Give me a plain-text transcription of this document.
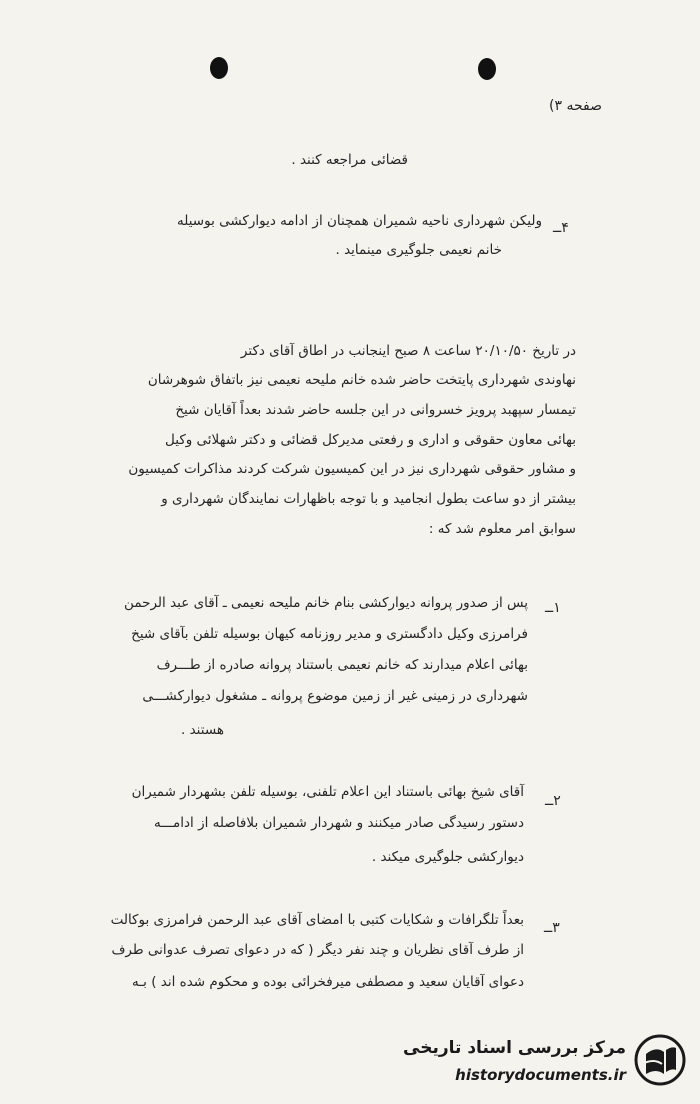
صفحه ۳)
قضائی مراجعه کنند .
۴ــ
ولیکن شهرداری ناحیه شمیران همچنان از ادامه دیوارکشی بوسیله
خانم نعیمی جلوگیری مینماید .
در تاریخ ۲۰/۱۰/۵۰ ساعت ۸ صبح اینجانب در اطاق آقای دکتر
نهاوندی شهرداری پایتخت حاضر شده خانم ملیحه نعیمی نیز باتفاق شوهرشان
تیمسار سپهبد پرویز خسروانی در این جلسه حاضر شدند بعداً آقایان شیخ
بهائی معاون حقوقی و اداری و رفعتی مدیرکل قضائی و دکتر شهلائی وکیل
و مشاور حقوقی شهرداری نیز در این کمیسیون شرکت کردند مذاکرات کمیسیون
بیشتر از دو ساعت بطول انجامید و با توجه باظهارات نمایندگان شهرداری و
سوابق امر معلوم شد که :
۱ــ
پس از صدور پروانه دیوارکشی بنام خانم ملیحه نعیمی ـ آقای عبد الرحمن
فرامرزی وکیل دادگستری و مدیر روزنامه کیهان بوسیله تلفن بآقای شیخ
بهائی اعلام میدارند که خانم نعیمی باستناد پروانه صادره از طـــرف
شهرداری در زمینی غیر از زمین موضوع پروانه ـ مشغول دیوارکشـــی
هستند .
۲ــ
آقای شیخ بهائی باستناد این اعلام تلفنی، بوسیله تلفن بشهردار شمیران
دستور رسیدگی صادر میکنند و شهردار شمیران بلافاصله از ادامـــه
دیوارکشی جلوگیری میکند .
۳ــ
بعداً تلگرافات و شکایات کتبی با امضای آقای عبد الرحمن فرامرزی بوکالت
از طرف آقای نظریان و چند نفر دیگر ( که در دعوای تصرف عدوانی طرف
دعوای آقایان سعید و مصطفی میرفخرائی بوده و محکوم شده اند ) بـه
مرکز بررسی اسناد تاریخی
historydocuments.ir
